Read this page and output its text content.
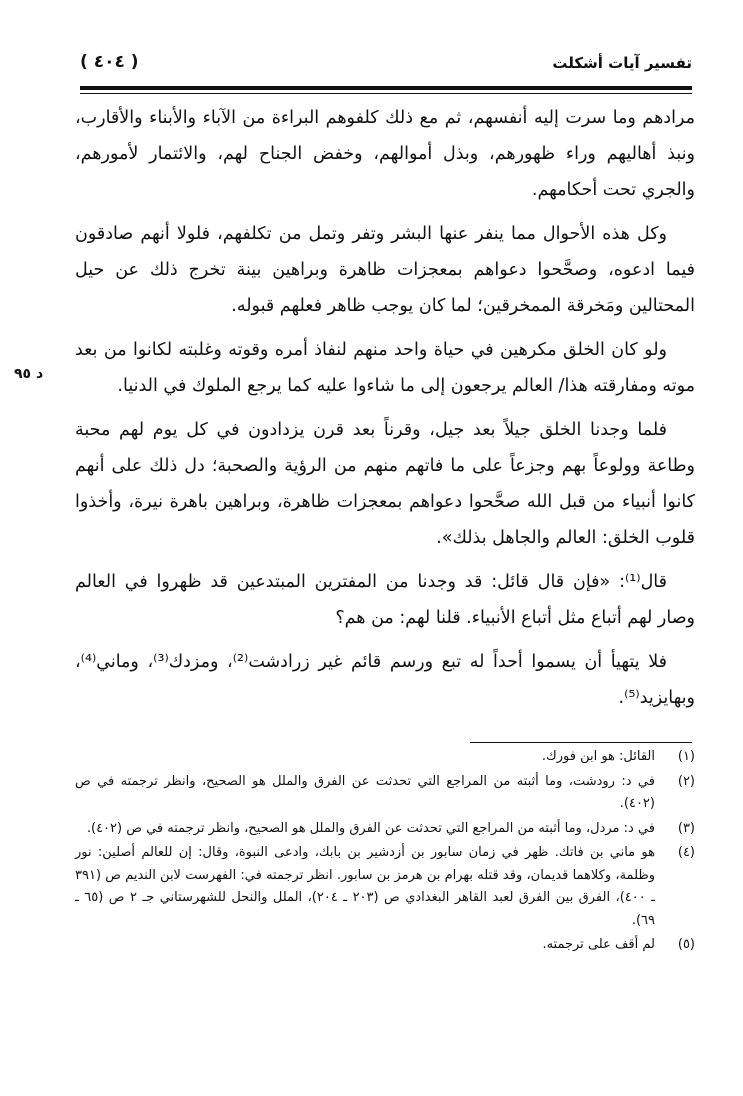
تفسير آيات أشكلت
( ٤٠٤ )
د ٩٥

مرادهم وما سرت إليه أنفسهم، ثم مع ذلك كلفوهم البراءة من الآباء والأبناء والأقارب، ونبذ أهاليهم وراء ظهورهم، وبذل أموالهم، وخفض الجناح لهم، والائتمار لأمورهم، والجري تحت أحكامهم.

وكل هذه الأحوال مما ينفر عنها البشر وتفر وتمل من تكلفهم، فلولا أنهم صادقون فيما ادعوه، وصحَّحوا دعواهم بمعجزات ظاهرة وبراهين بينة تخرج ذلك عن حيل المحتالين ومَخرقة الممخرقين؛ لما كان يوجب ظاهر فعلهم قبوله.

ولو كان الخلق مكرهين في حياة واحد منهم لنفاذ أمره وقوته وغلبته لكانوا من بعد موته ومفارقته هذا/ العالم يرجعون إلى ما شاءوا عليه كما يرجع الملوك في الدنيا.

فلما وجدنا الخلق جيلاً بعد جيل، وقرناً بعد قرن يزدادون في كل يوم لهم محبة وطاعة وولوعاً بهم وجزعاً على ما فاتهم منهم من الرؤية والصحبة؛ دل ذلك على أنهم كانوا أنبياء من قبل الله صحَّحوا دعواهم بمعجزات ظاهرة، وبراهين باهرة نيرة، وأخذوا قلوب الخلق: العالم والجاهل بذلك».

قال⁽¹⁾: «فإن قال قائل: قد وجدنا من المفترين المبتدعين قد ظهروا في العالم وصار لهم أتباع مثل أتباع الأنبياء. قلنا لهم: من هم؟

فلا يتهيأ أن يسموا أحداً له تبع ورسم قائم غير زرادشت⁽²⁾، ومزدك⁽³⁾، وماني⁽⁴⁾، وبهايزيد⁽⁵⁾.

(١)
القائل: هو ابن فورك.
(٢)
في د: رودشت، وما أثبته من المراجع التي تحدثت عن الفرق والملل هو الصحيح، وانظر ترجمته في ص (٤٠٢).
(٣)
في د: مردل، وما أثبته من المراجع التي تحدثت عن الفرق والملل هو الصحيح، وانظر ترجمته في ص (٤٠٢).
(٤)
هو ماني بن فاتك. ظهر في زمان سابور بن أزدشير بن بابك، وادعى النبوة، وقال: إن للعالم أصلين: نور وظلمة، وكلاهما قديمان، وقد قتله بهرام بن هرمز بن سابور. انظر ترجمته في: الفهرست لابن النديم ص (٣٩١ ـ ٤٠٠)، الفرق بين الفرق لعبد القاهر البغدادي ص (٢٠٣ ـ ٢٠٤)، الملل والنحل للشهرستاني جـ ٢ ص (٦٥ ـ ٦٩).
(٥)
لم أقف على ترجمته.
